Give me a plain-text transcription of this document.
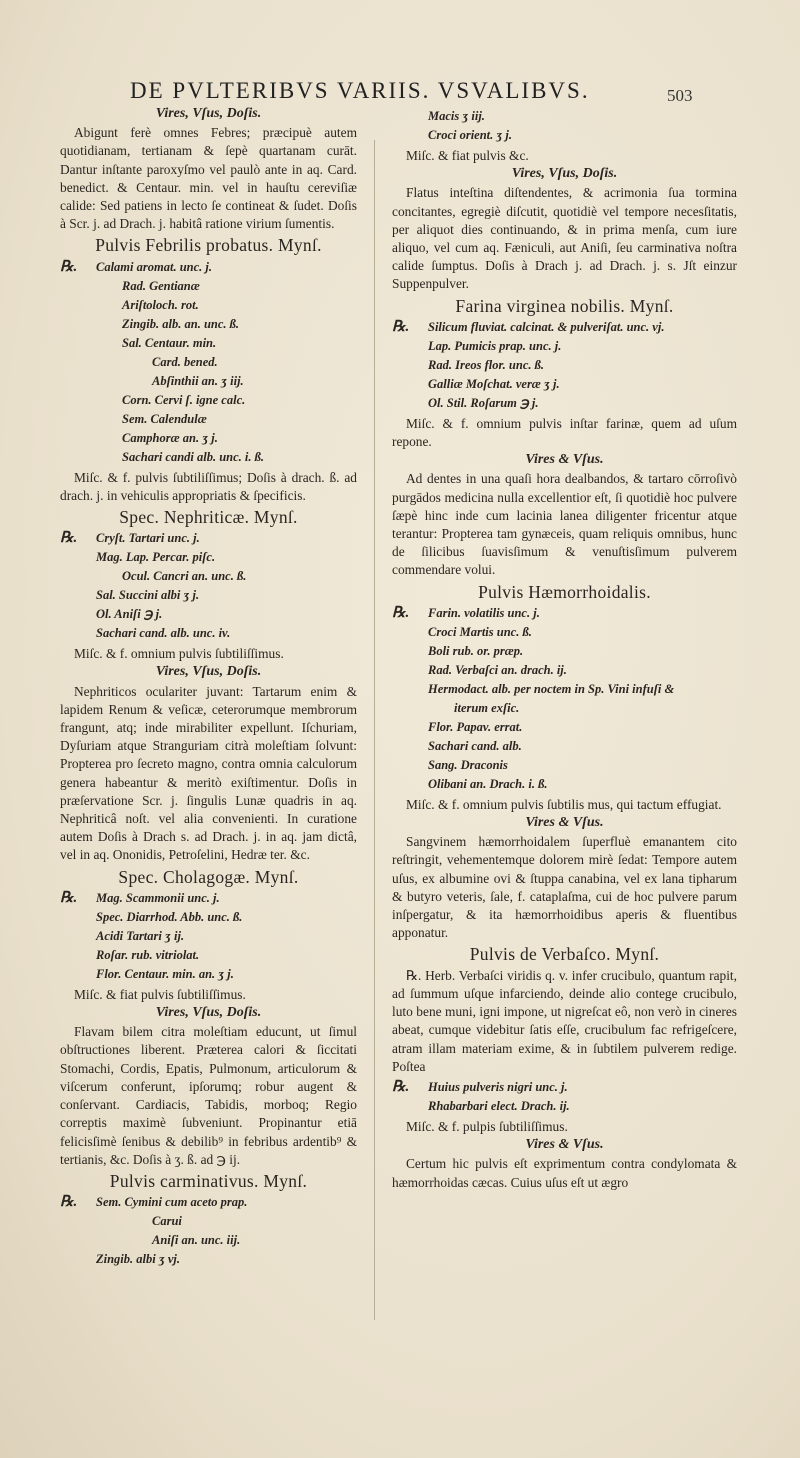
DE PVLTERIBVS VARIIS. VSVALIBVS.	503

Vires, Vſus, Doſis.

Abigunt ferè omnes Febres; præcipuè autem quotidianam, tertianam & ſepè quartanam curāt. Dantur inſtante paroxyſmo vel paulò ante in aq. Card. benedict. & Centaur. min. vel in hauſtu cereviſiæ calide: Sed patiens in lecto ſe contineat & ſudet. Doſis à Scr. j. ad Drach. j. habitâ ratione virium ſumentis.

Pulvis Febrilis probatus. Mynſ.

℞.	Calami aromat. unc. j.
Rad. Gentianæ
Ariſtoloch. rot.
Zingib. alb. an. unc. ß.
Sal. Centaur. min.
Card. bened.
Abſinthii an. ʒ iij.
Corn. Cervi ſ. igne calc.
Sem. Calendulæ
Camphoræ an. ʒ j.
Sachari candi alb. unc. i. ß.

Miſc. & f. pulvis ſubtiliſſimus; Doſis à drach. ß. ad drach. j. in vehiculis appropriatis & ſpecificis.

Spec. Nephriticæ. Mynſ.

℞.	Cryſt. Tartari unc. j.
Mag. Lap. Percar. piſc.
Ocul. Cancri an. unc. ß.
Sal. Succini albi ʒ j.
Ol. Aniſi ℈ j.
Sachari cand. alb. unc. iv.

Miſc. & f. omnium pulvis ſubtiliſſimus.

Vires, Vſus, Doſis.

Nephriticos oculariter juvant: Tartarum enim & lapidem Renum & veſicæ, ceterorumque membrorum frangunt, atq; inde mirabiliter expellunt. Iſchuriam, Dyſuriam atque Stranguriam citrà moleſtiam ſolvunt: Propterea pro ſecreto magno, contra omnia calculorum genera habeantur & meritò exiſtimentur. Doſis in præſervatione Scr. j. ſingulis Lunæ quadris in aq. Nephriticâ noſt. vel alia convenienti. In curatione autem Doſis à Drach s. ad Drach. j. in aq. jam dictâ, vel in aq. Ononidis, Petroſelini, Hedræ ter. &c.

Spec. Cholagogæ. Mynſ.

℞.	Mag. Scammonii unc. j.
Spec. Diarrhod. Abb. unc. ß.
Acidi Tartari ʒ ij.
Roſar. rub. vitriolat.
Flor. Centaur. min. an. ʒ j.

Miſc. & fiat pulvis ſubtiliſſimus.

Vires, Vſus, Doſis.

Flavam bilem citra moleſtiam educunt, ut ſimul obſtructiones liberent. Præterea calori & ſiccitati Stomachi, Cordis, Epatis, Pulmonum, articulorum & viſcerum conferunt, ipſorumq; robur augent & conſervant. Cardiacis, Tabidis, morboq; Regio correptis maximè ſubveniunt. Propinantur etiā felicisſimè ſenibus & debilib⁹ in febribus ardentib⁹ & tertianis, &c. Doſis à ʒ. ß. ad ℈ ij.

Pulvis carminativus. Mynſ.

℞.	Sem. Cymini cum aceto prap.
Carui
Aniſi an. unc. iij.
Zingib. albi ʒ vj.
Macis ʒ iij.
Croci orient. ʒ j.

Miſc. & fiat pulvis &c.

Vires, Vſus, Doſis.

Flatus inteſtina diſtendentes, & acrimonia ſua tormina concitantes, egregiè diſcutit, quotidiè vel tempore necesſitatis, per aliquot dies continuando, & in prima menſa, cum iure aliquo, vel cum aq. Fæniculi, aut Aniſi, ſeu carminativa noſtra calide ſumptus. Doſis à Drach j. ad Drach. j. s. Jſt einzur Suppenpulver.

Farina virginea nobilis. Mynſ.

℞.	Silicum fluviat. calcinat. & pulveriſat. unc. vj.
Lap. Pumicis prap. unc. j.
Rad. Ireos flor. unc. ß.
Galliæ Moſchat. veræ ʒ j.
Ol. Stil. Roſarum ℈ j.

Miſc. & f. omnium pulvis inſtar farinæ, quem ad uſum repone.

Vires & Vſus.

Ad dentes in una quaſi hora dealbandos, & tartaro cōrroſivò purgādos medicina nulla excellentior eſt, ſi quotidiè hoc pulvere ſæpè hinc inde cum lacinia lanea diligenter fricentur atque terantur: Propterea tam gynæceis, quam reliquis omnibus, hunc de ſilicibus ſuavisſimum & venuſtisſimum pulverem commendare volui.

Pulvis Hæmorrhoidalis.

℞.	Farin. volatilis unc. j.
Croci Martis unc. ß.
Boli rub. or. præp.
Rad. Verbaſci an. drach. ij.
Hermodact. alb. per noctem in Sp. Vini infuſi &
iterum exſic.
Flor. Papav. errat.
Sachari cand. alb.
Sang. Draconis
Olibani an. Drach. i. ß.

Miſc. & f. omnium pulvis ſubtilis mus, qui tactum effugiat.

Vires & Vſus.

Sangvinem hæmorrhoidalem ſuperfluè emanantem cito reſtringit, vehementemque dolorem mirè ſedat: Tempore autem uſus, ex albumine ovi & ſtuppa canabina, vel ex lana tipharum & butyro veteris, ſale, f. cataplaſma, cui de hoc pulvere parum inſpergatur, & ita hæmorrhoidibus aperis & fluentibus apponatur.

Pulvis de Verbaſco. Mynſ.

℞. Herb. Verbaſci viridis q. v. infer crucibulo, quantum rapit, ad ſummum uſque infarciendo, deinde alio contege crucibulo, luto bene muni, igni impone, ut nigreſcat eô, non verò in cineres abeat, cumque videbitur ſatis eſſe, crucibulum fac refrigeſcere, atram illam materiam exime, & in ſubtilem pulverem redige. Poſtea

℞.	Huius pulveris nigri unc. j.
Rhabarbari elect. Drach. ij.

Miſc. & f. pulpis ſubtiliſſimus.

Vires & Vſus.

Certum hic pulvis eſt exprimentum contra condylomata & hæmorrhoidas cæcas. Cuius uſus eſt ut ægro
